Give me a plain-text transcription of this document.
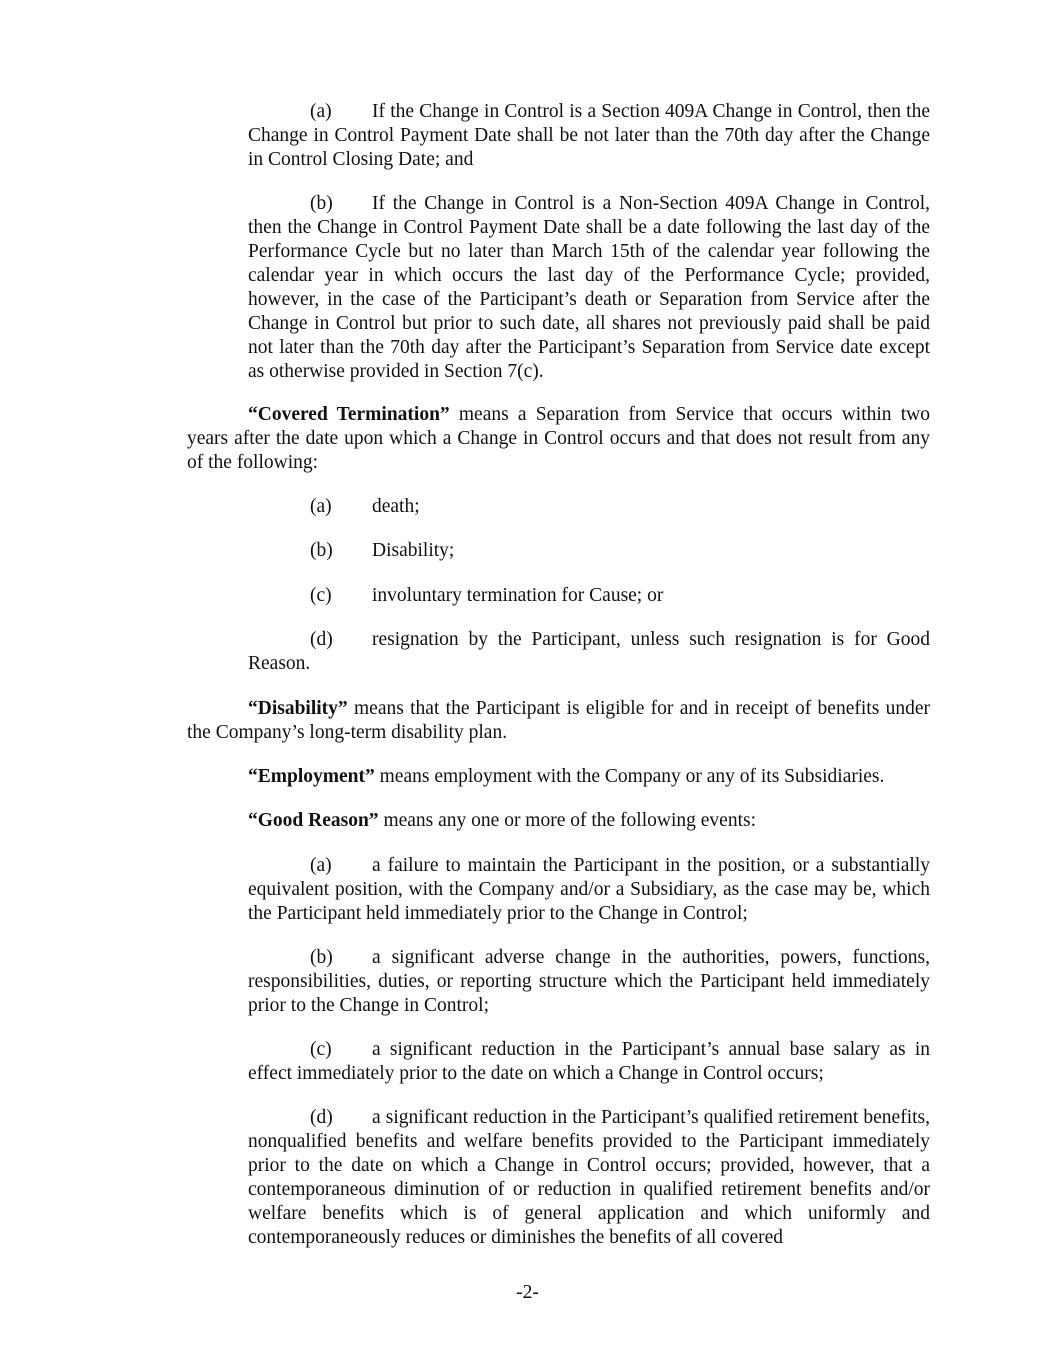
(a) If the Change in Control is a Section 409A Change in Control, then the Change in Control Payment Date shall be not later than the 70th day after the Change in Control Closing Date; and

(b) If the Change in Control is a Non-Section 409A Change in Control, then the Change in Control Payment Date shall be a date following the last day of the Performance Cycle but no later than March 15th of the calendar year following the calendar year in which occurs the last day of the Performance Cycle; provided, however, in the case of the Participant’s death or Separation from Service after the Change in Control but prior to such date, all shares not previously paid shall be paid not later than the 70th day after the Participant’s Separation from Service date except as otherwise provided in Section 7(c).

“Covered Termination” means a Separation from Service that occurs within two years after the date upon which a Change in Control occurs and that does not result from any of the following:

(a) death;

(b) Disability;

(c) involuntary termination for Cause; or

(d) resignation by the Participant, unless such resignation is for Good Reason.

“Disability” means that the Participant is eligible for and in receipt of benefits under the Company’s long-term disability plan.

“Employment” means employment with the Company or any of its Subsidiaries.

“Good Reason” means any one or more of the following events:

(a) a failure to maintain the Participant in the position, or a substantially equivalent position, with the Company and/or a Subsidiary, as the case may be, which the Participant held immediately prior to the Change in Control;

(b) a significant adverse change in the authorities, powers, functions, responsibilities, duties, or reporting structure which the Participant held immediately prior to the Change in Control;

(c) a significant reduction in the Participant’s annual base salary as in effect immediately prior to the date on which a Change in Control occurs;

(d) a significant reduction in the Participant’s qualified retirement benefits, nonqualified benefits and welfare benefits provided to the Participant immediately prior to the date on which a Change in Control occurs; provided, however, that a contemporaneous diminution of or reduction in qualified retirement benefits and/or welfare benefits which is of general application and which uniformly and contemporaneously reduces or diminishes the benefits of all covered

-2-
